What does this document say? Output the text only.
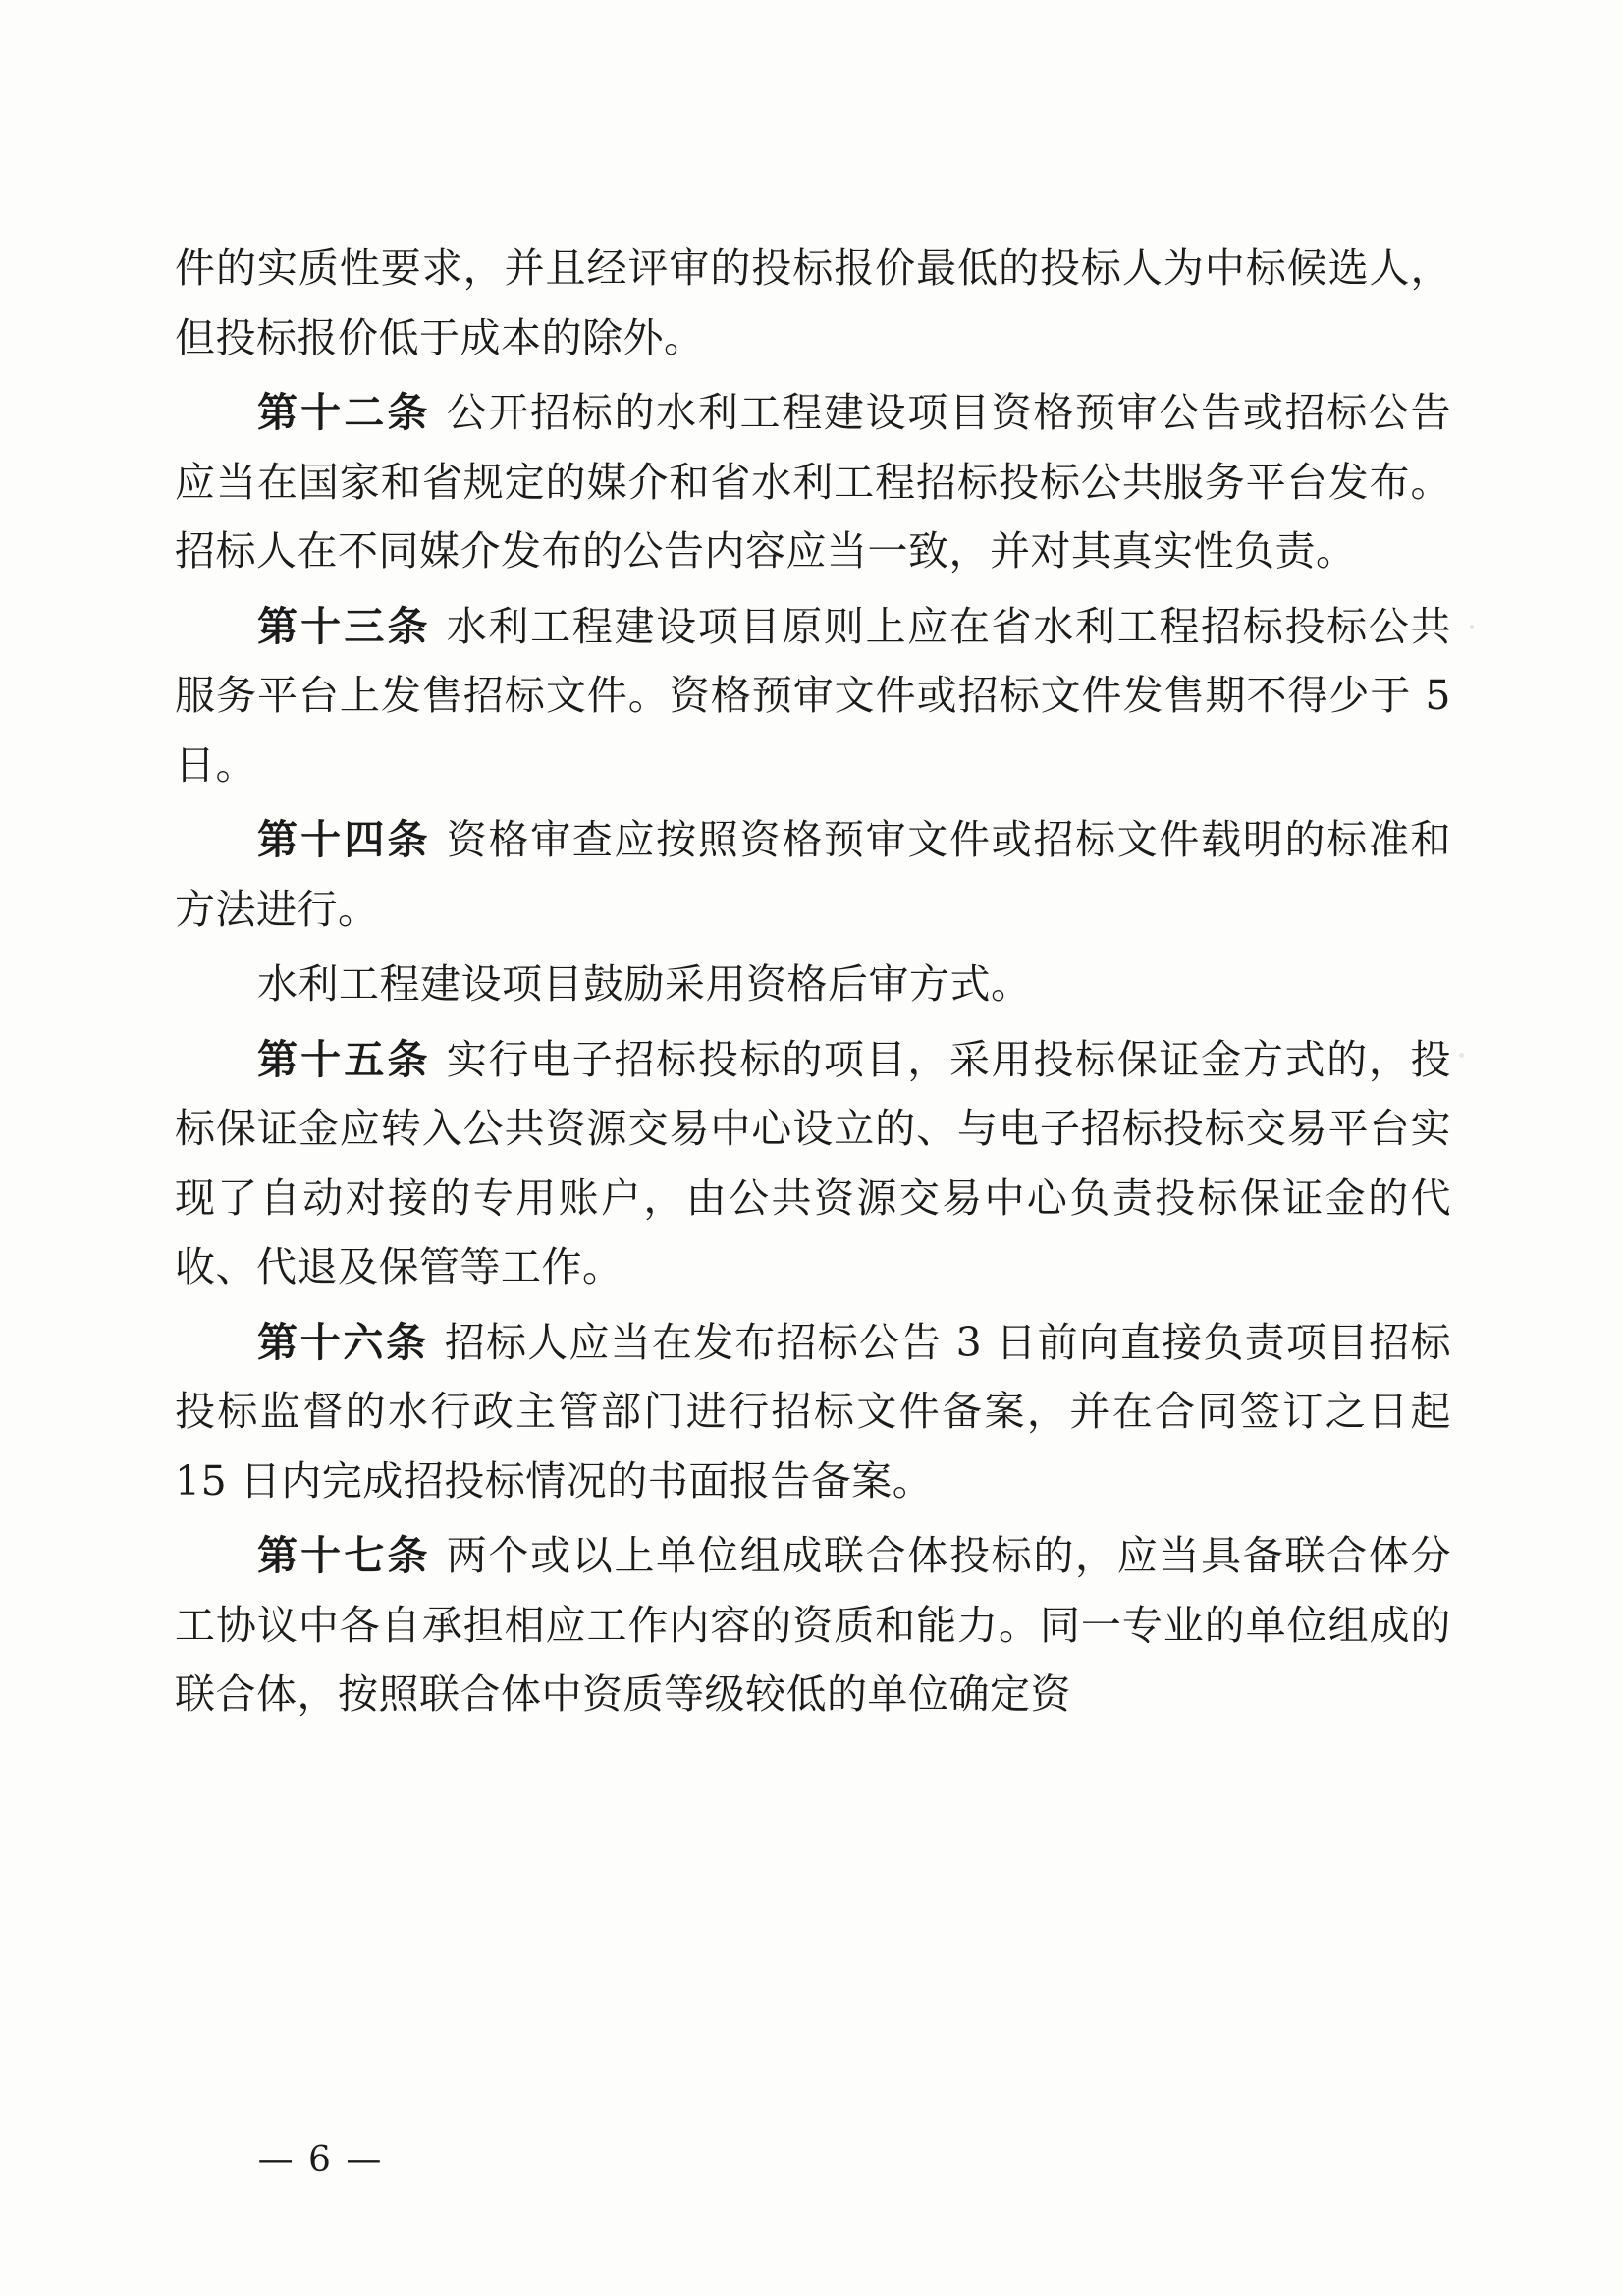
件的实质性要求，并且经评审的投标报价最低的投标人为中标候选人，但投标报价低于成本的除外。

第十二条 公开招标的水利工程建设项目资格预审公告或招标公告应当在国家和省规定的媒介和省水利工程招标投标公共服务平台发布。招标人在不同媒介发布的公告内容应当一致，并对其真实性负责。

第十三条 水利工程建设项目原则上应在省水利工程招标投标公共服务平台上发售招标文件。资格预审文件或招标文件发售期不得少于 5 日。

第十四条 资格审查应按照资格预审文件或招标文件载明的标准和方法进行。

水利工程建设项目鼓励采用资格后审方式。

第十五条 实行电子招标投标的项目，采用投标保证金方式的，投标保证金应转入公共资源交易中心设立的、与电子招标投标交易平台实现了自动对接的专用账户，由公共资源交易中心负责投标保证金的代收、代退及保管等工作。

第十六条 招标人应当在发布招标公告 3 日前向直接负责项目招标投标监督的水行政主管部门进行招标文件备案，并在合同签订之日起 15 日内完成招投标情况的书面报告备案。

第十七条 两个或以上单位组成联合体投标的，应当具备联合体分工协议中各自承担相应工作内容的资质和能力。同一专业的单位组成的联合体，按照联合体中资质等级较低的单位确定资

— 6 —
